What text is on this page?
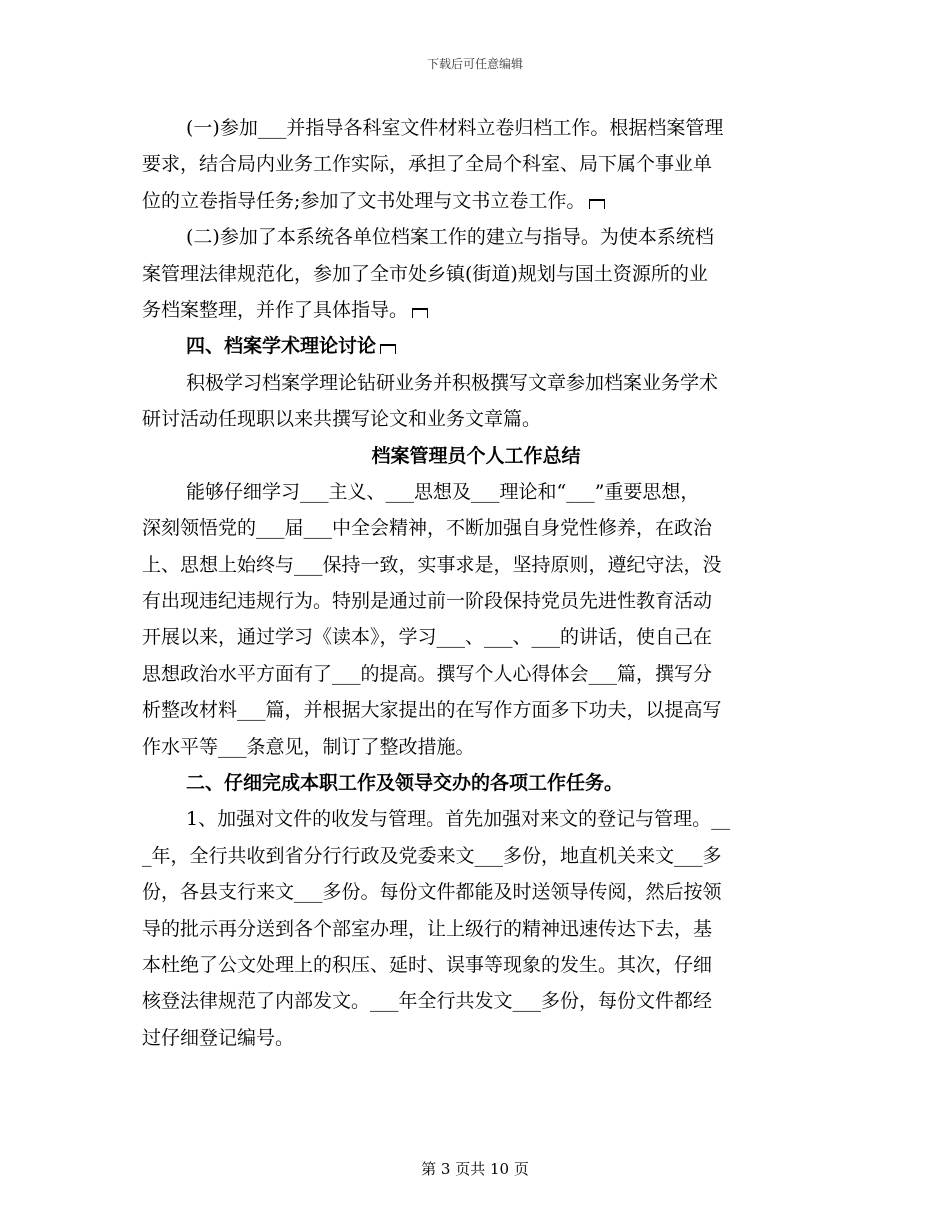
下载后可任意编辑
(一)参加___并指导各科室文件材料立卷归档工作。根据档案管理
要求，结合局内业务工作实际，承担了全局个科室、局下属个事业单
位的立卷指导任务;参加了文书处理与文书立卷工作。
(二)参加了本系统各单位档案工作的建立与指导。为使本系统档
案管理法律规范化，参加了全市处乡镇(街道)规划与国土资源所的业
务档案整理，并作了具体指导。
四、档案学术理论讨论
积极学习档案学理论钻研业务并积极撰写文章参加档案业务学术
研讨活动任现职以来共撰写论文和业务文章篇。
档案管理员个人工作总结
能够仔细学习___主义、___思想及___理论和“___”重要思想，
深刻领悟党的___届___中全会精神，不断加强自身党性修养，在政治
上、思想上始终与___保持一致，实事求是，坚持原则，遵纪守法，没
有出现违纪违规行为。特别是通过前一阶段保持党员先进性教育活动
开展以来，通过学习《读本》，学习___、___、___的讲话，使自己在
思想政治水平方面有了___的提高。撰写个人心得体会___篇，撰写分
析整改材料___篇，并根据大家提出的在写作方面多下功夫，以提高写
作水平等___条意见，制订了整改措施。
二、仔细完成本职工作及领导交办的各项工作任务。
1、加强对文件的收发与管理。首先加强对来文的登记与管理。__
_年，全行共收到省分行行政及党委来文___多份，地直机关来文___多
份，各县支行来文___多份。每份文件都能及时送领导传阅，然后按领
导的批示再分送到各个部室办理，让上级行的精神迅速传达下去，基
本杜绝了公文处理上的积压、延时、误事等现象的发生。其次，仔细
核登法律规范了内部发文。___年全行共发文___多份，每份文件都经
过仔细登记编号。
第 3 页共 10 页
